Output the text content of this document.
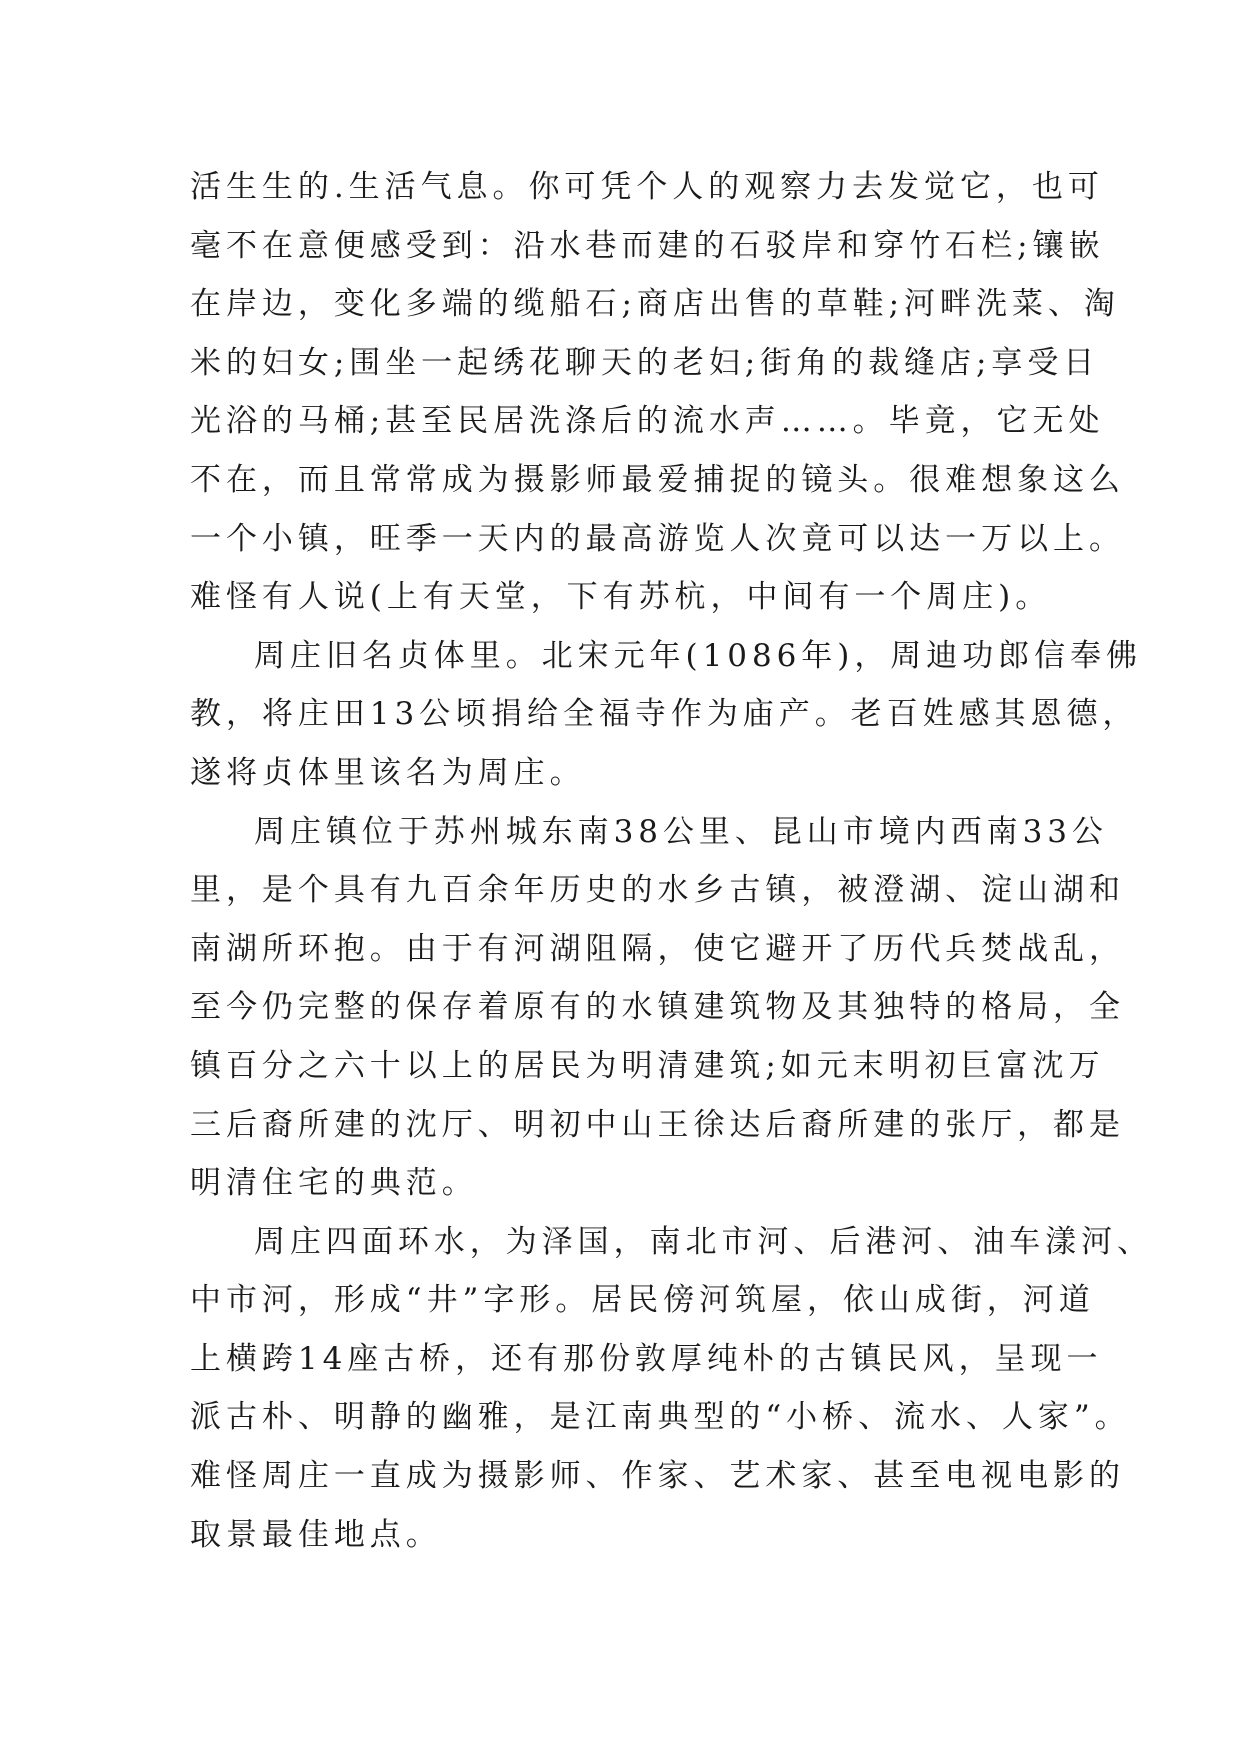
活生生的.生活气息。你可凭个人的观察力去发觉它，也可
毫不在意便感受到：沿水巷而建的石驳岸和穿竹石栏;镶嵌
在岸边，变化多端的缆船石;商店出售的草鞋;河畔洗菜、淘
米的妇女;围坐一起绣花聊天的老妇;街角的裁缝店;享受日
光浴的马桶;甚至民居洗涤后的流水声……。毕竟，它无处
不在，而且常常成为摄影师最爱捕捉的镜头。很难想象这么
一个小镇，旺季一天内的最高游览人次竟可以达一万以上。
难怪有人说(上有天堂，下有苏杭，中间有一个周庄)。
周庄旧名贞体里。北宋元年(1086年)，周迪功郎信奉佛
教，将庄田13公顷捐给全福寺作为庙产。老百姓感其恩德，
遂将贞体里该名为周庄。
周庄镇位于苏州城东南38公里、昆山市境内西南33公
里，是个具有九百余年历史的水乡古镇，被澄湖、淀山湖和
南湖所环抱。由于有河湖阻隔，使它避开了历代兵焚战乱，
至今仍完整的保存着原有的水镇建筑物及其独特的格局，全
镇百分之六十以上的居民为明清建筑;如元末明初巨富沈万
三后裔所建的沈厅、明初中山王徐达后裔所建的张厅，都是
明清住宅的典范。
周庄四面环水，为泽国，南北市河、后港河、油车漾河、
中市河，形成“井”字形。居民傍河筑屋，依山成街，河道
上横跨14座古桥，还有那份敦厚纯朴的古镇民风，呈现一
派古朴、明静的幽雅，是江南典型的“小桥、流水、人家”。
难怪周庄一直成为摄影师、作家、艺术家、甚至电视电影的
取景最佳地点。
